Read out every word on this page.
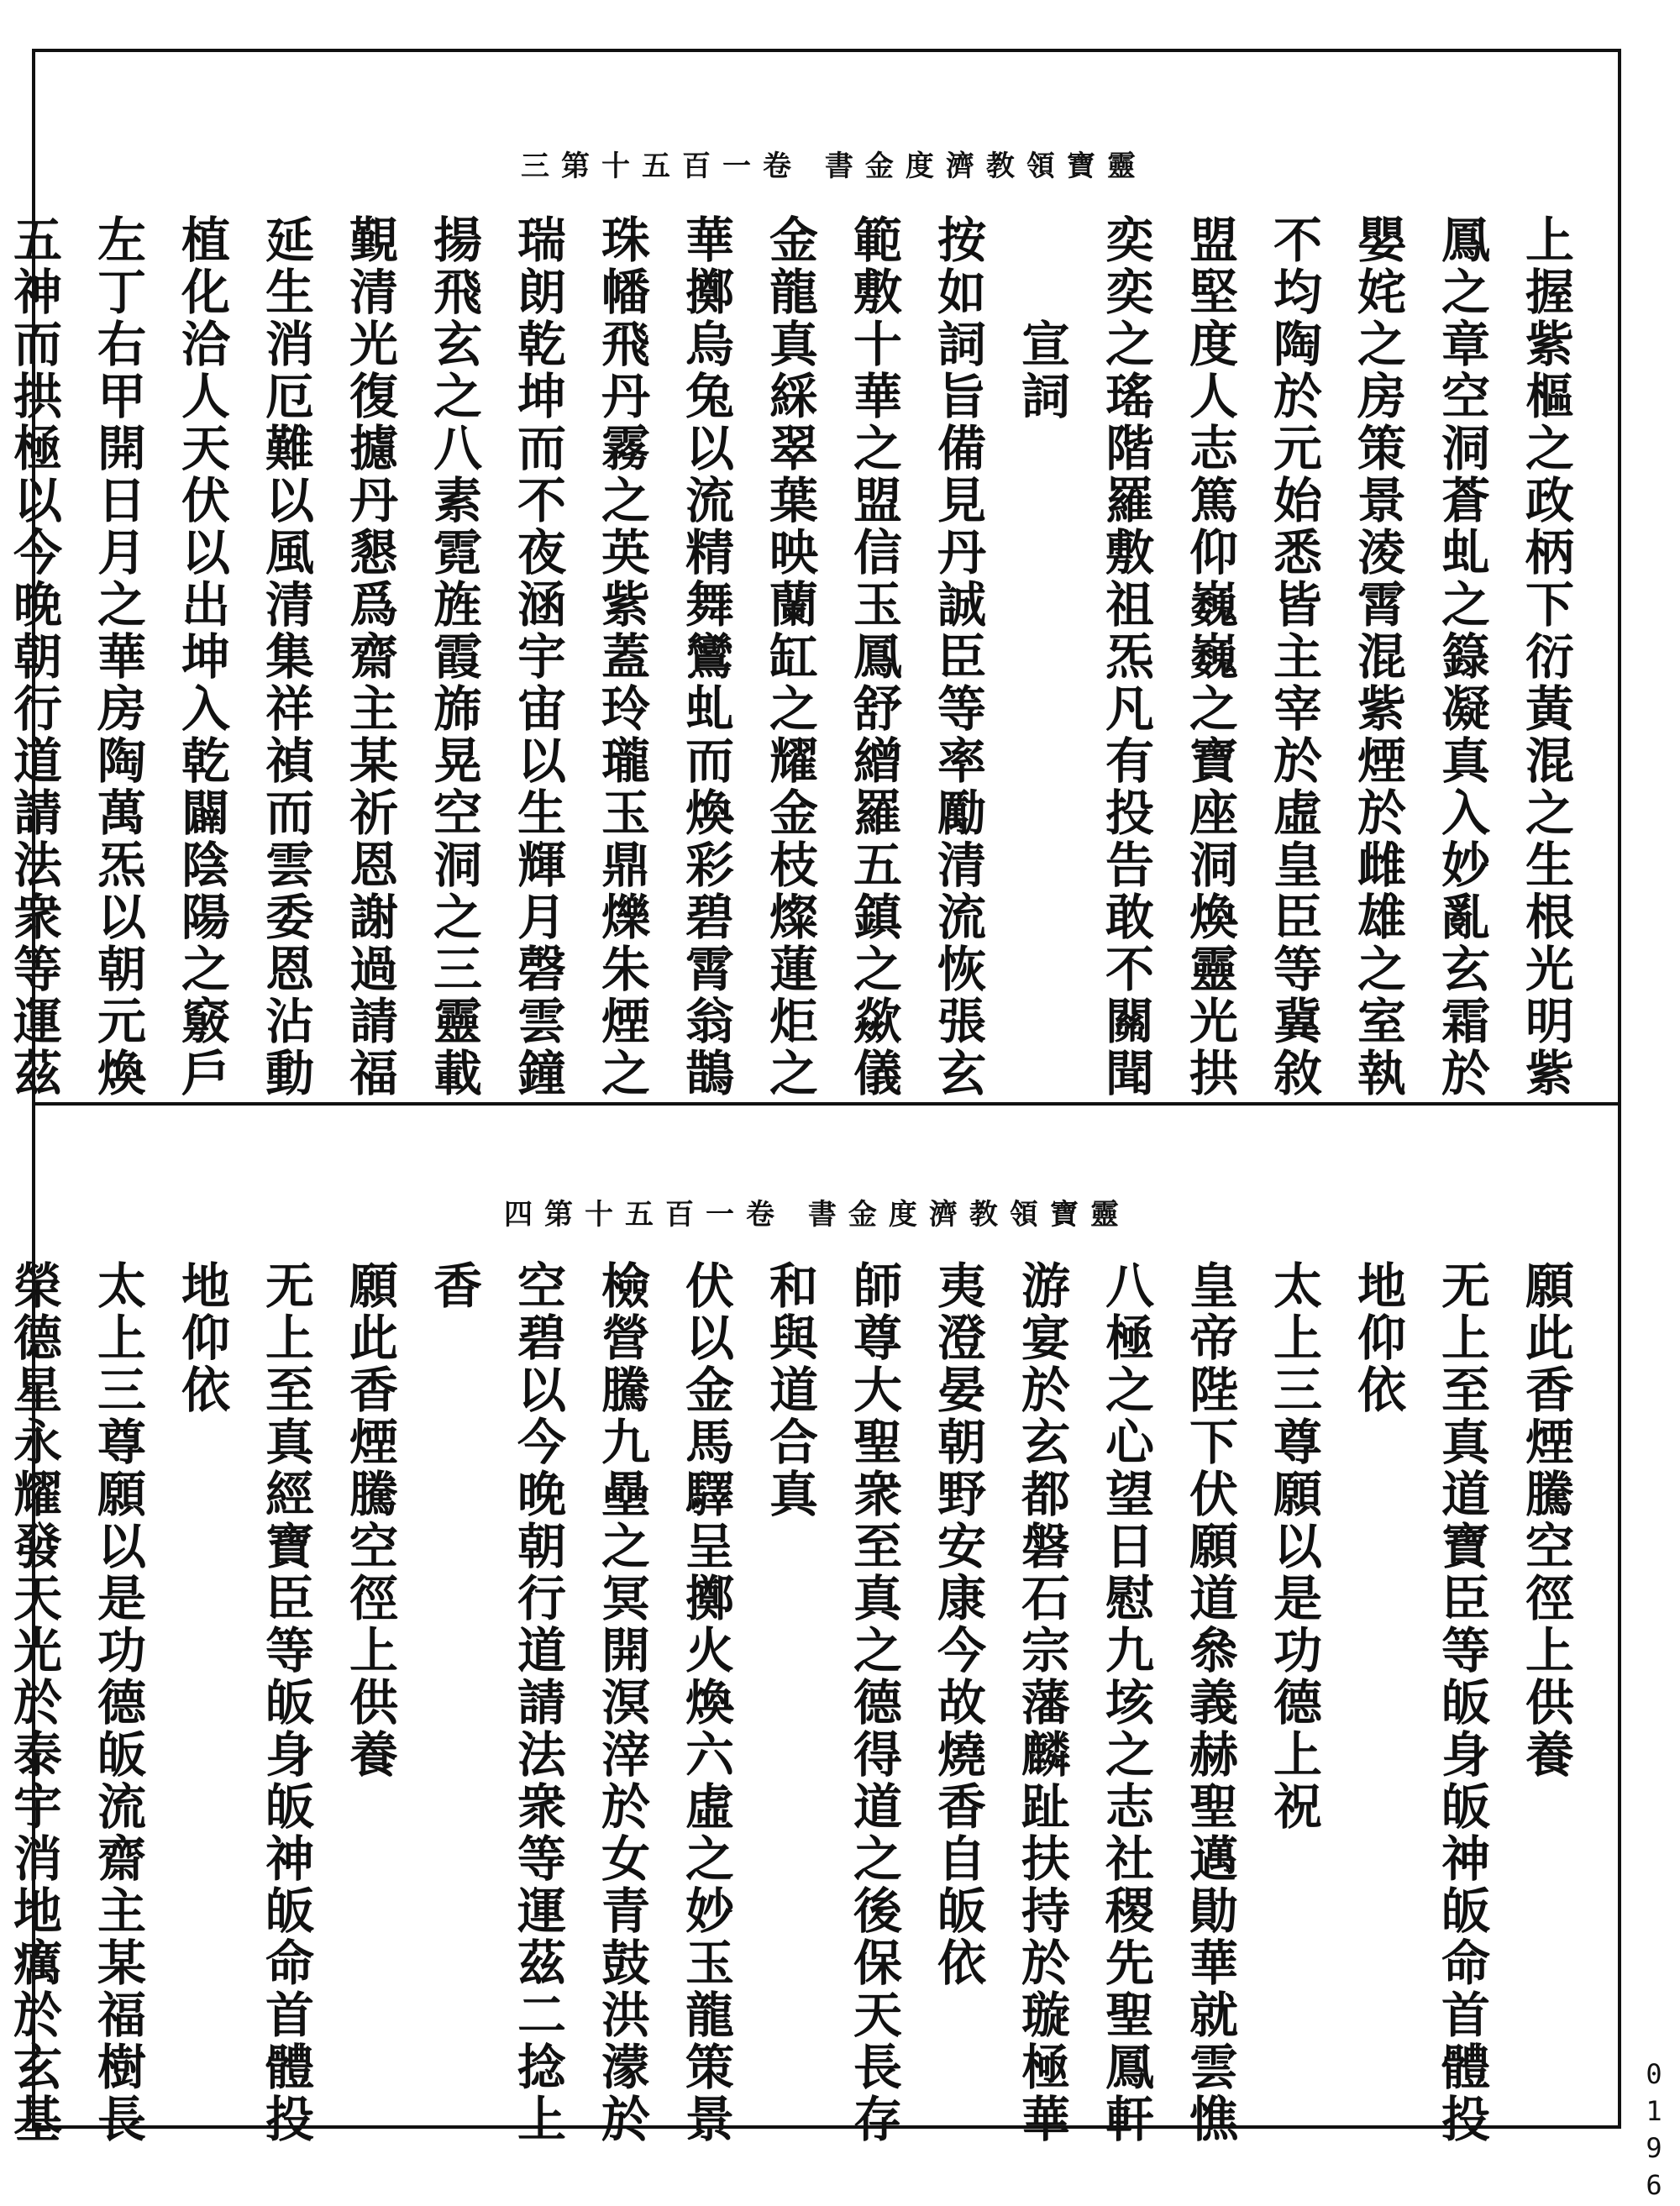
靈寶領教濟度金書 卷一百五十第三
上握紫樞之政柄下衍黃混之生根光明紫
鳳之章空洞蒼虬之籙凝真入妙亂玄霜於
嬰姹之房策景淩霄混紫煙於雌雄之室執
不均陶於元始悉皆主宰於虛皇臣等冀敘
盟堅度人志篤仰巍巍之寶座洞煥靈光拱
奕奕之瑤階羅敷祖炁凡有投告敢不關聞
　　宣詞
按如詞旨備見丹誠臣等率勵清流恢張玄
範敷十華之盟信玉鳳舒繒羅五鎮之歘儀
金龍真綵翠葉映蘭缸之耀金枝燦蓮炬之
華擲烏兔以流精舞鸞虬而煥彩碧霄翁鵲
珠幡飛丹霧之英紫蓋玲瓏玉鼎爍朱煙之
瑞朗乾坤而不夜涵宇宙以生輝月磬雲鐘
揚飛玄之八素霓旌霞旆晃空洞之三靈載
覲清光復攄丹懇爲齋主某祈恩謝過請福
延生消厄難以風清集祥禎而雲委恩沾動
植化洽人天伏以出坤入乾闢陰陽之竅戶
左丁右甲開日月之華房陶萬炁以朝元煥
五神而拱極以今晚朝行道請法衆等運茲
靈寶領教濟度金書 卷一百五十第四
願此香煙騰空徑上供養
无上至真道寶臣等皈身皈神皈命首體投
地仰依
太上三尊願以是功德上祝
皇帝陛下伏願道叅義赫聖邁勛華就雲憔
八極之心望日慰九垓之志社稷先聖鳳軒
游宴於玄都磐石宗藩麟趾扶持於璇極華
夷澄晏朝野安康今故燒香自皈依
師尊大聖衆至真之德得道之後保天長存
和與道合真
伏以金馬驛呈擲火煥六虛之妙玉龍策景
檢營騰九壘之冥開溟滓於女青鼓洪濛於
空碧以今晚朝行道請法衆等運茲二捻上
香
願此香煙騰空徑上供養
无上至真經寶臣等皈身皈神皈命首體投
地仰依
太上三尊願以是功德皈流齋主某福樹長
榮德星永耀發天光於泰宇消地癘於玄基	0196
